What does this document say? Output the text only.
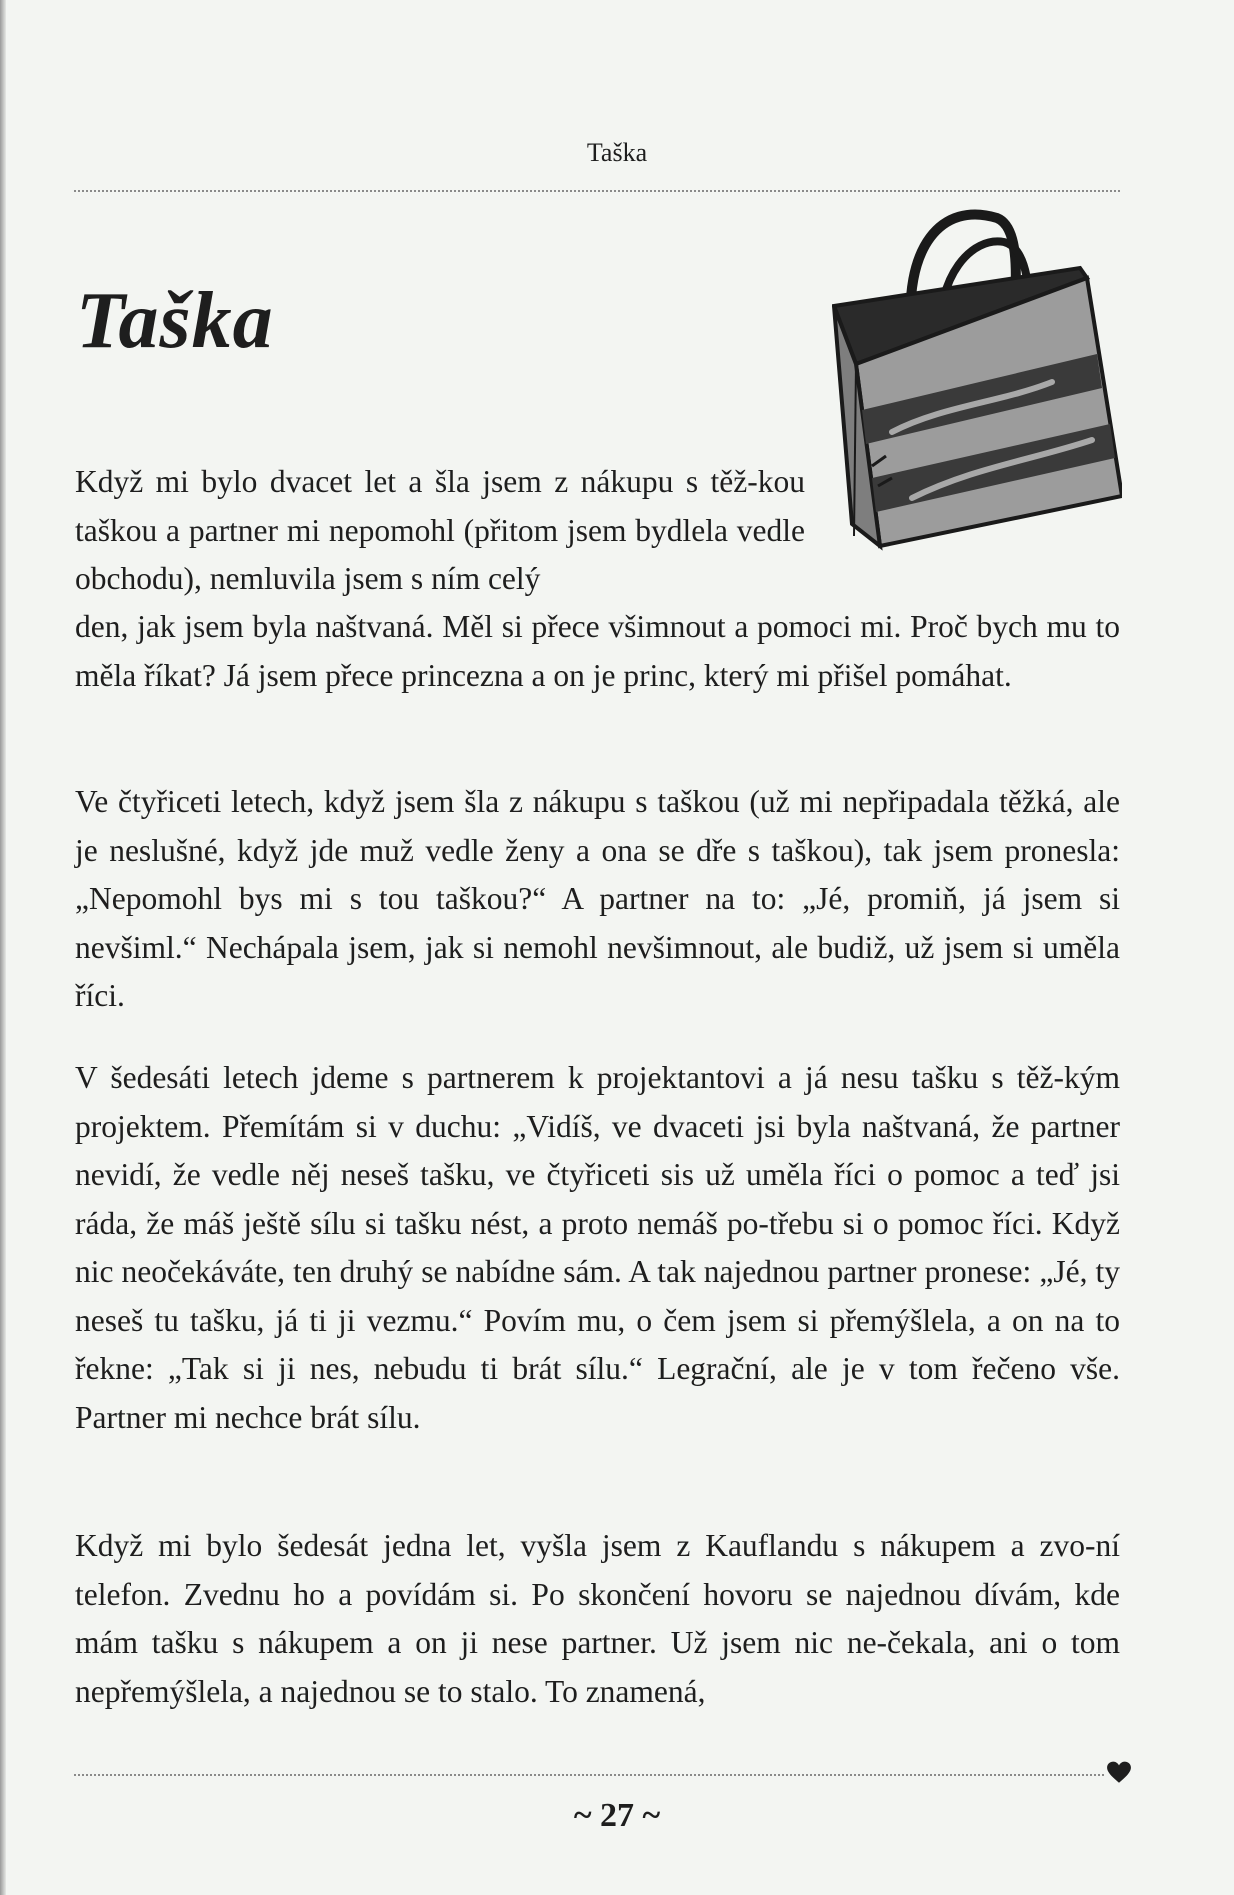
Taška
Taška

Když mi bylo dvacet let a šla jsem z nákupu s těž-kou taškou a partner mi nepomohl (přitom jsem bydlela vedle obchodu), nemluvila jsem s ním celý

den, jak jsem byla naštvaná. Měl si přece všimnout a pomoci mi. Proč bych mu to měla říkat? Já jsem přece princezna a on je princ, který mi přišel pomáhat.

Ve čtyřiceti letech, když jsem šla z nákupu s taškou (už mi nepřipadala těžká, ale je neslušné, když jde muž vedle ženy a ona se dře s taškou), tak jsem pronesla: „Nepomohl bys mi s tou taškou?“ A partner na to: „Jé, promiň, já jsem si nevšiml.“ Nechápala jsem, jak si nemohl nevšimnout, ale budiž, už jsem si uměla říci.

V šedesáti letech jdeme s partnerem k projektantovi a já nesu tašku s těž-kým projektem. Přemítám si v duchu: „Vidíš, ve dvaceti jsi byla naštvaná, že partner nevidí, že vedle něj neseš tašku, ve čtyřiceti sis už uměla říci o pomoc a teď jsi ráda, že máš ještě sílu si tašku nést, a proto nemáš po-třebu si o pomoc říci. Když nic neočekáváte, ten druhý se nabídne sám. A tak najednou partner pronese: „Jé, ty neseš tu tašku, já ti ji vezmu.“ Povím mu, o čem jsem si přemýšlela, a on na to řekne: „Tak si ji nes, nebudu ti brát sílu.“ Legrační, ale je v tom řečeno vše. Partner mi nechce brát sílu.

Když mi bylo šedesát jedna let, vyšla jsem z Kauflandu s nákupem a zvo-ní telefon. Zvednu ho a povídám si. Po skončení hovoru se najednou dívám, kde mám tašku s nákupem a on ji nese partner. Už jsem nic ne-čekala, ani o tom nepřemýšlela, a najednou se to stalo. To znamená,

~ 27 ~
